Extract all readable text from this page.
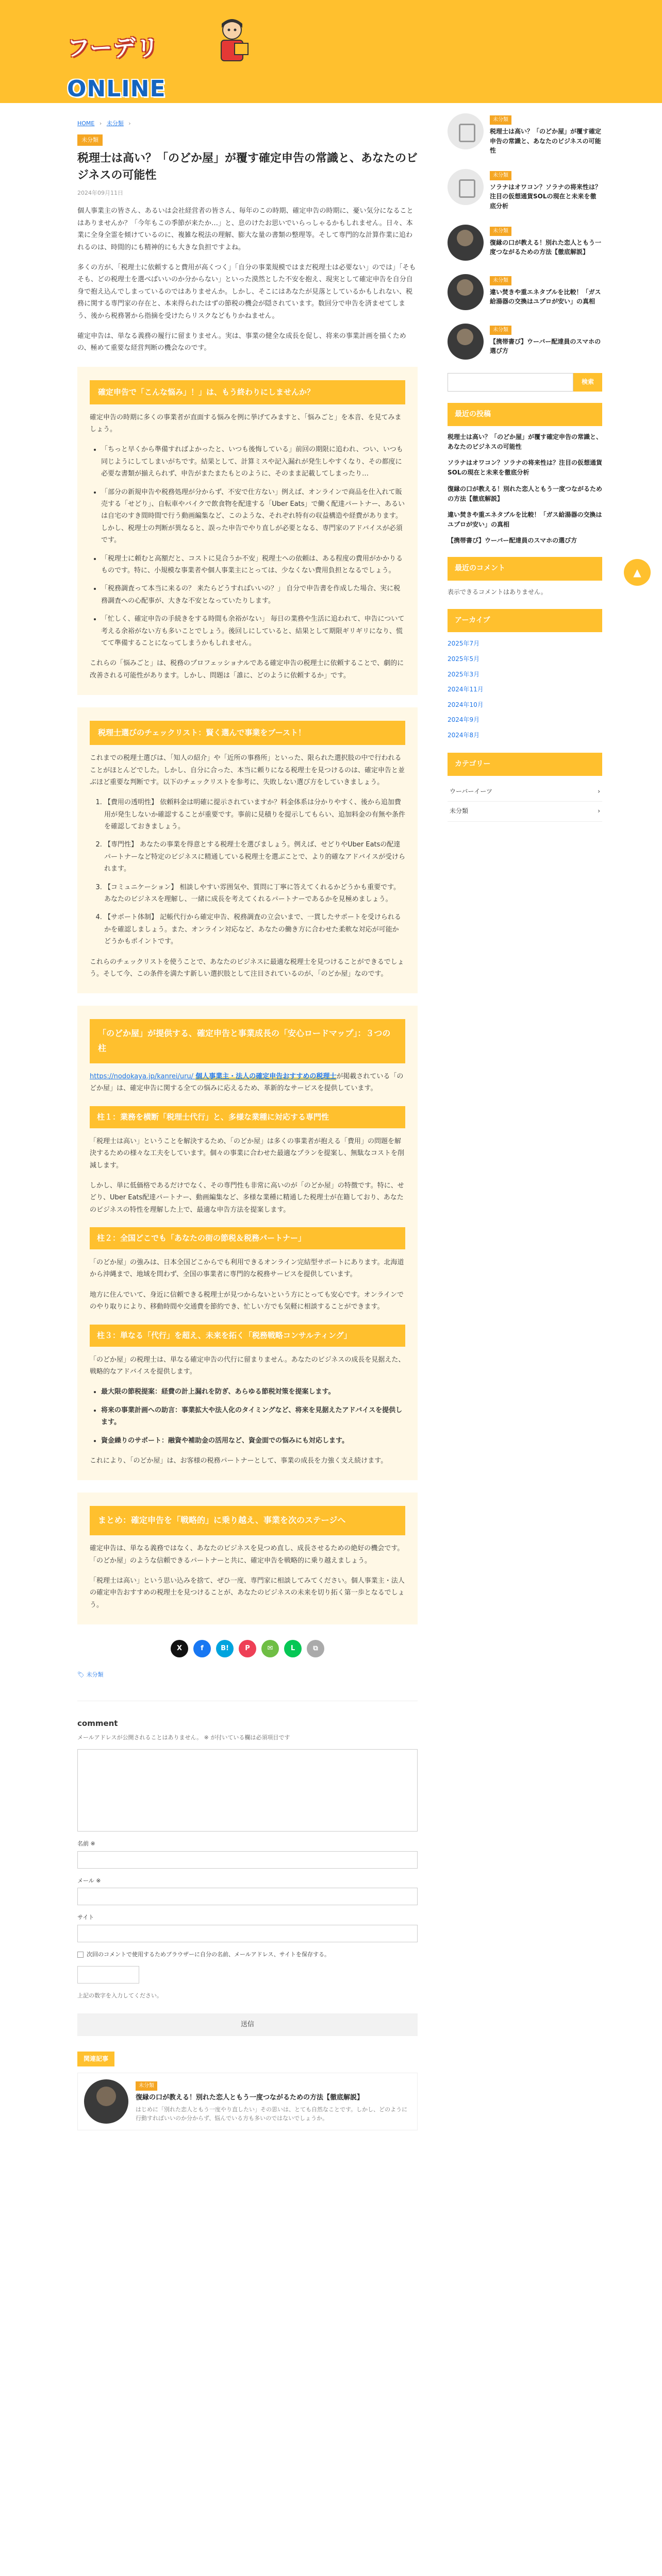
フーデリONLINE
HOME › 未分類 ›
未分類
税理士は高い？「のどか屋」が覆す確定申告の常識と、あなたのビジネスの可能性
2024年09月11日

個人事業主の皆さん、あるいは会社経営者の皆さん、毎年のこの時期、確定申告の時期に、憂い気分になることはありませんか？「今年もこの季節が来たか…」と、息のけたお思いでいらっしゃるかもしれません。日々、本業に全身全霊を傾けているのに、複雑な税法の理解、膨大な量の書類の整理等。そして専門的な計算作業に追われるのは、時間的にも精神的にも大きな負担ですよね。

多くの方が、「税理士に依頼すると費用が高くつく」「自分の事業規模ではまだ税理士は必要ない」のでは」「そもそも、どの税理士を選べばいいのか分からない」といった漠然とした不安を抱え、現実として確定申告を自分自身で抱え込んでしまっているのではありませんか。しかし、そこにはあなたが見落としているかもしれない、税務に関する専門家の存在と、本来得られたはずの節税の機会が隠されています。数回分で申告を済ませてしまう、後から税務署から指摘を受けたらリスクなどもりかねません。

確定申告は、単なる義務の履行に留まりません。実は、事業の健全な成長を促し、将来の事業計画を描くための、極めて重要な経営判断の機会なのです。

確定申告で「こんな悩み」！」は、もう終わりにしませんか？

確定申告の時期に多くの事業者が直面する悩みを例に挙げてみますと、「悩みごと」を本音、を見てみましょう。

• 「ちっと早くから準備すればよかったと、いつも後悔している」前回の期限に追われ、つい、いつも同じようにしてしまいがちです。結果として、計算ミスや記入漏れが発生しやすくなり、その都度に必要な書類が揃えられず、申告がまたまたもとのように、そのまま記載してしまったり…
• 「部分の新規申告や税務処理が分からず、不安で仕方ない」例えば、オンラインで商品を仕入れて販売する「せどり」、自転車やバイクで飲食物を配達する「Uber Eats」で働く配達パートナー、あるいは自宅のすき間時間で行う動画編集など、このような、それぞれ特有の収益構造や経費があります。しかし、税理士の判断が異なると、誤った申告でやり直しが必要となる、専門家のアドバイスが必須です。
• 「税理士に頼むと高額だと、コストに見合うか不安」税理士への依頼は、ある程度の費用がかかりるものです。特に、小規模な事業者や個人事業主にとっては、少なくない費用負担となるでしょう。
• 「税務調査って本当に来るの？ 来たらどうすればいいの？」 自分で申告書を作成した場合、実に税務調査への心配事が、大きな不安となっていたりします。
• 「忙しく、確定申告の手続きをする時間も余裕がない」 毎日の業務や生活に追われて、申告について考える余裕がない方も多いことでしょう。後回しにしていると、結果として期限ギリギリになり、慌てて準備することになってしまうかもしれません。

これらの「悩みごと」は、税務のプロフェッショナルである確定申告の税理士に依頼することで、劇的に改善される可能性があります。しかし、問題は「誰に、どのように依頼するか」です。

税理士選びのチェックリスト：賢く選んで事業をブースト！

これまでの税理士選びは、「知人の紹介」や「近所の事務所」といった、限られた選択肢の中で行われることがほとんどでした。しかし、自分に合った、本当に頼りになる税理士を見つけるのは、確定申告と並ぶほど重要な判断です。以下のチェックリストを参考に、失敗しない選び方をしていきましょう。

1. 【費用の透明性】 依頼料金は明確に提示されていますか？料金体系は分かりやすく、後から追加費用が発生しないか確認することが重要です。事前に見積りを提示してもらい、追加料金の有無や条件を確認しておきましょう。
2. 【専門性】 あなたの事業を得意とする税理士を選びましょう。例えば、せどりやUber Eatsの配達パートナーなど特定のビジネスに精通している税理士を選ぶことで、より的確なアドバイスが受けられます。
3. 【コミュニケーション】 相談しやすい雰囲気や、質問に丁寧に答えてくれるかどうかも重要です。あなたのビジネスを理解し、一緒に成長を考えてくれるパートナーであるかを見極めましょう。
4. 【サポート体制】 記帳代行から確定申告、税務調査の立会いまで、一貫したサポートを受けられるかを確認しましょう。また、オンライン対応など、あなたの働き方に合わせた柔軟な対応が可能かどうかもポイントです。

これらのチェックリストを使うことで、あなたのビジネスに最適な税理士を見つけることができるでしょう。そして今、この条件を満たす新しい選択肢として注目されているのが、「のどか屋」なのです。

「のどか屋」が提供する、確定申告と事業成長の「安心ロードマップ」：３つの柱

https://nodokaya.jp/kanrei/uru/ 個人事業主・法人の確定申告おすすめの税理士が掲載されている「のどか屋」は、確定申告に関する全ての悩みに応えるため、革新的なサービスを提供しています。

柱１：業務を横断「税理士代行」と、多様な業種に対応する専門性

「税理士は高い」ということを解決するため、「のどか屋」は多くの事業者が抱える「費用」の問題を解決するための様々な工夫をしています。個々の事業に合わせた最適なプランを提案し、無駄なコストを削減します。

しかし、単に低価格であるだけでなく、その専門性も非常に高いのが「のどか屋」の特徴です。特に、せどり、Uber Eats配達パートナー、動画編集など、多様な業種に精通した税理士が在籍しており、あなたのビジネスの特性を理解した上で、最適な申告方法を提案します。

柱２：全国どこでも「あなたの街の節税＆税務パートナー」

「のどか屋」の強みは、日本全国どこからでも利用できるオンライン完結型サポートにあります。北海道から沖縄まで、地域を問わず、全国の事業者に専門的な税務サービスを提供しています。

地方に住んでいて、身近に信頼できる税理士が見つからないという方にとっても安心です。オンラインでのやり取りにより、移動時間や交通費を節約でき、忙しい方でも気軽に相談することができます。

柱３：単なる「代行」を超え、未来を拓く「税務戦略コンサルティング」

「のどか屋」の税理士は、単なる確定申告の代行に留まりません。あなたのビジネスの成長を見据えた、戦略的なアドバイスを提供します。

• 最大限の節税提案：経費の計上漏れを防ぎ、あらゆる節税対策を提案します。
• 将来の事業計画への助言：事業拡大や法人化のタイミングなど、将来を見据えたアドバイスを提供します。
• 資金繰りのサポート：融資や補助金の活用など、資金面での悩みにも対応します。

これにより、「のどか屋」は、お客様の税務パートナーとして、事業の成長を力強く支え続けます。

まとめ：確定申告を「戦略的」に乗り越え、事業を次のステージへ

確定申告は、単なる義務ではなく、あなたのビジネスを見つめ直し、成長させるための絶好の機会です。「のどか屋」のような信頼できるパートナーと共に、確定申告を戦略的に乗り越えましょう。

「税理士は高い」という思い込みを捨て、ぜひ一度、専門家に相談してみてください。個人事業主・法人の確定申告おすすめの税理士を見つけることが、あなたのビジネスの未来を切り拓く第一歩となるでしょう。

X	f	B!	P	✉	L	⧉
🏷 未分類
comment
メールアドレスが公開されることはありません。 ※ が付いている欄は必須項目です
名前 ※
メール ※
サイト
次回のコメントで使用するためブラウザーに自分の名前、メールアドレス、サイトを保存する。
上記の数字を入力してください。
送信
関連記事
未分類
復縁の口が教える！別れた恋人ともう一度つながるための方法【徹底解説】
はじめに「別れた恋人ともう一度やり直したい」その思いは、とても自然なことです。しかし、どのように行動すればいいのか分からず、悩んでいる方も多いのではないでしょうか。
未分類
税理士は高い？「のどか屋」が覆す確定申告の常識と、あなたのビジネスの可能性
未分類
ソラナはオワコン？ソラナの将来性は？注目の仮想通貨SOLの現在と未来を徹底分析
未分類
復縁の口が教える！別れた恋人ともう一度つながるための方法【徹底解説】
未分類
違い焚きや重エネタブルを比較！「ガス給湯器の交換はユプロが安い」の真相
未分類
【携帯書び】ウーバー配達員のスマホの選び方
検索
最近の投稿
税理士は高い？「のどか屋」が覆す確定申告の常識と、あなたのビジネスの可能性
ソラナはオワコン？ソラナの将来性は？注目の仮想通貨SOLの現在と未来を徹底分析
復縁の口が教える！別れた恋人ともう一度つながるための方法【徹底解説】
違い焚きや重エネタブルを比較！「ガス給湯器の交換はユプロが安い」の真相
【携帯書び】ウーバー配達員のスマホの選び方
最近のコメント
表示できるコメントはありません。
アーカイブ
2025年7月
2025年5月
2025年3月
2024年11月
2024年10月
2024年9月
2024年8月
カテゴリー
ウーバーイーツ	›
未分類	›
▲
